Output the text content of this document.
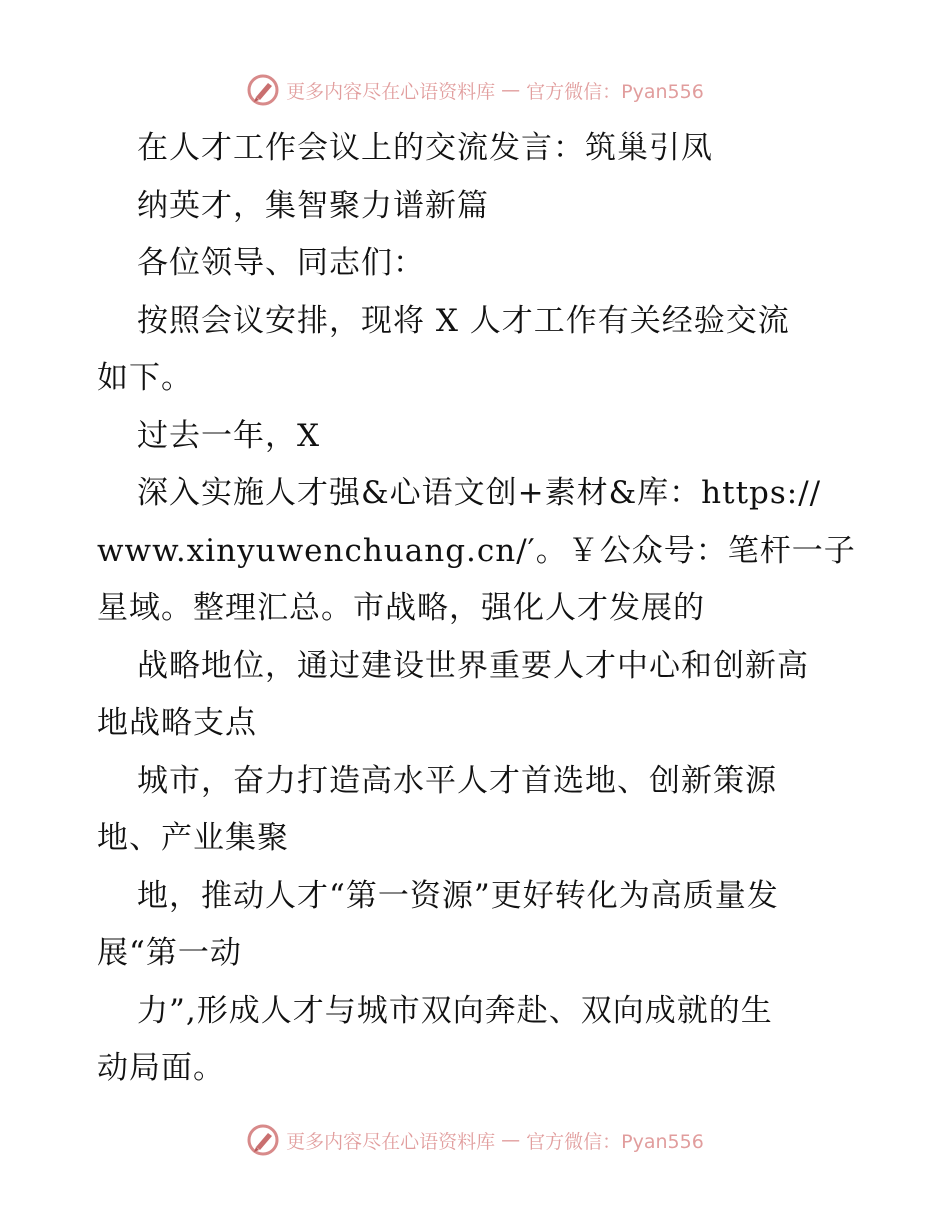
更多内容尽在心语资料库 — 官方微信：Pyan556
在人才工作会议上的交流发言：筑巢引凤
纳英才，集智聚力谱新篇
各位领导、同志们：
按照会议安排，现将 X 人才工作有关经验交流
如下。
过去一年，X
深入实施人才强&心语文创+素材&库：https://
www.xinyuwenchuang.cn/′。￥公众号：笔杆一子
星域。整理汇总。市战略，强化人才发展的
战略地位，通过建设世界重要人才中心和创新高
地战略支点
城市，奋力打造高水平人才首选地、创新策源
地、产业集聚
地，推动人才“第一资源”更好转化为高质量发
展“第一动
力”,形成人才与城市双向奔赴、双向成就的生
动局面。
更多内容尽在心语资料库 — 官方微信：Pyan556
